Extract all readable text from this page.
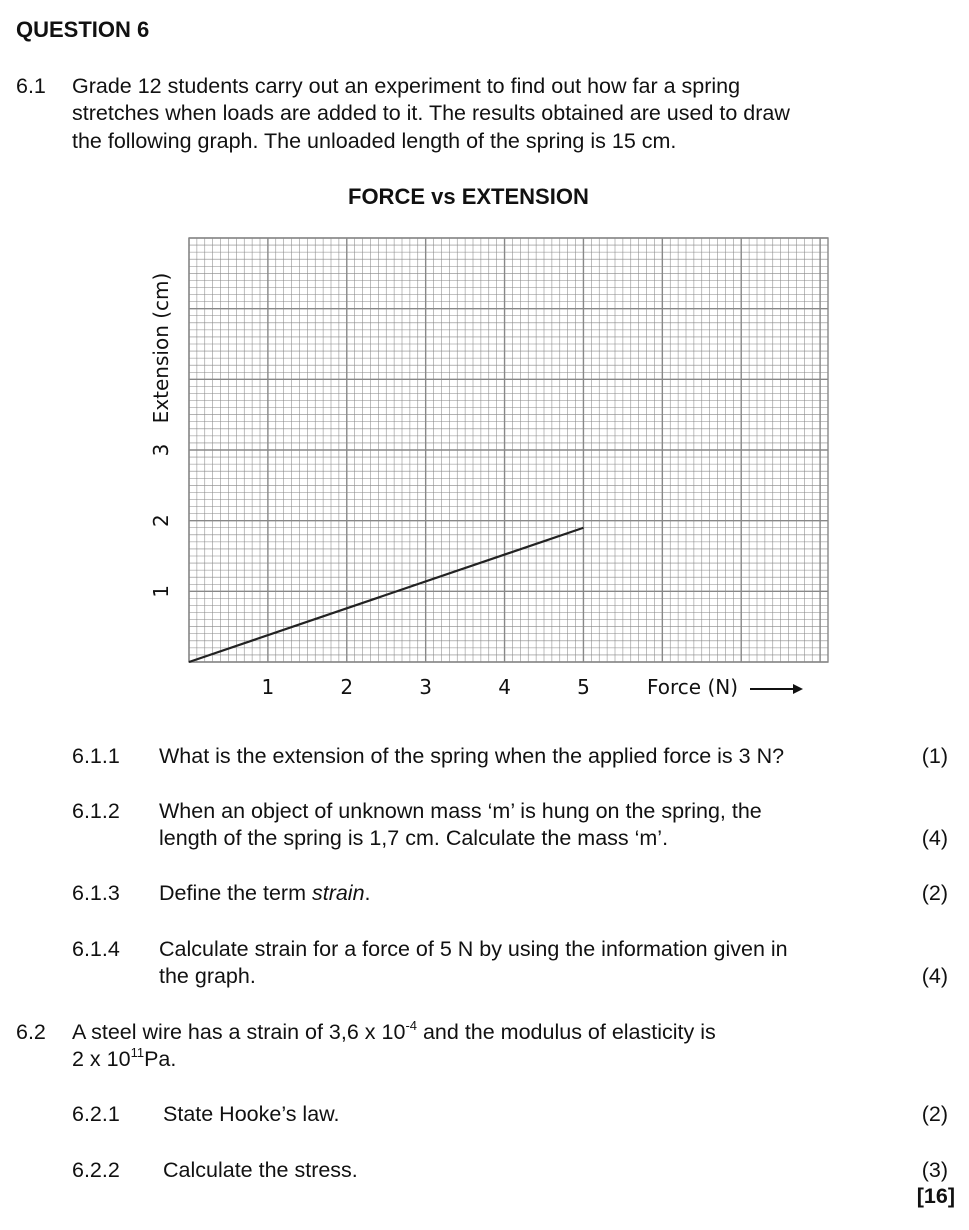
QUESTION 6
6.1 Grade 12 students carry out an experiment to find out how far a spring
stretches when loads are added to it. The results obtained are used to draw
the following graph. The unloaded length of the spring is 15 cm.
FORCE vs EXTENSION
1	2	3	4	5	Force (N)
1
2
3
Extension (cm)
6.1.1 What is the extension of the spring when the applied force is 3 N?	(1)
6.1.2 When an object of unknown mass ‘m’ is hung on the spring, the
length of the spring is 1,7 cm. Calculate the mass ‘m’.	(4)
6.1.3 Define the term strain.	(2)
6.1.4 Calculate strain for a force of 5 N by using the information given in
the graph.	(4)
6.2 A steel wire has a strain of 3,6 x $10^{-4}$ and the modulus of elasticity is
2 x $10^{11}Pa$.
6.2.1 State Hooke’s law.	(2)
6.2.2 Calculate the stress.	(3)
[16]
